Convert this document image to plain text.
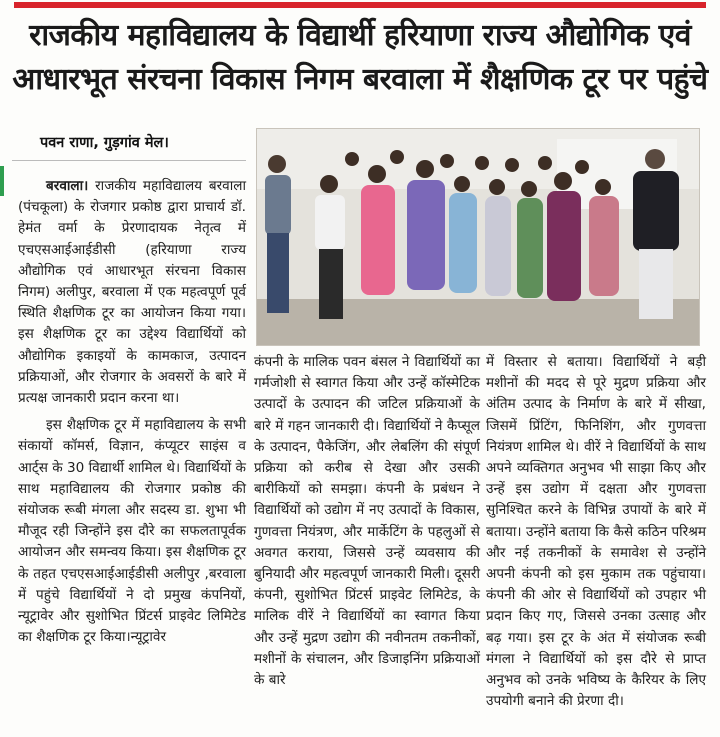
राजकीय महाविद्यालय के विद्यार्थी हरियाणा राज्य औद्योगिक एवं
आधारभूत संरचना विकास निगम बरवाला में शैक्षणिक टूर पर पहुंचे
पवन राणा, गुड़गांव मेल।

बरवाला। राजकीय महाविद्यालय बरवाला (पंचकूला) के रोजगार प्रकोष्ठ द्वारा प्राचार्य डॉ. हेमंत वर्मा के प्रेरणादायक नेतृत्व में एचएसआईआईडीसी (हरियाणा राज्य औद्योगिक एवं आधारभूत संरचना विकास निगम) अलीपुर, बरवाला में एक महत्वपूर्ण पूर्व स्थिति शैक्षणिक टूर का आयोजन किया गया। इस शैक्षणिक टूर का उद्देश्य विद्यार्थियों को औद्योगिक इकाइयों के कामकाज, उत्पादन प्रक्रियाओं, और रोजगार के अवसरों के बारे में प्रत्यक्ष जानकारी प्रदान करना था।

इस शैक्षणिक टूर में महाविद्यालय के सभी संकायों कॉमर्स, विज्ञान, कंप्यूटर साइंस व आर्ट्स के 30 विद्यार्थी शामिल थे। विद्यार्थियों के साथ महाविद्यालय की रोजगार प्रकोष्ठ की संयोजक रूबी मंगला और सदस्य डा. शुभा भी मौजूद रही जिन्होंने इस दौरे का सफलतापूर्वक आयोजन और समन्वय किया। इस शैक्षणिक टूर के तहत एचएसआईआईडीसी अलीपुर ,बरवाला में पहुंचे विद्यार्थियों ने दो प्रमुख कंपनियों, न्यूट्रावेर और सुशोभित प्रिंटर्स प्राइवेट लिमिटेड का शैक्षणिक टूर किया।न्यूट्रावेर

कंपनी के मालिक पवन बंसल ने विद्यार्थियों का गर्मजोशी से स्वागत किया और उन्हें कॉस्मेटिक उत्पादों के उत्पादन की जटिल प्रक्रियाओं के बारे में गहन जानकारी दी। विद्यार्थियों ने कैप्सूल के उत्पादन, पैकेजिंग, और लेबलिंग की संपूर्ण प्रक्रिया को करीब से देखा और उसकी बारीकियों को समझा। कंपनी के प्रबंधन ने विद्यार्थियों को उद्योग में नए उत्पादों के विकास, गुणवत्ता नियंत्रण, और मार्केटिंग के पहलुओं से अवगत कराया, जिससे उन्हें व्यवसाय की बुनियादी और महत्वपूर्ण जानकारी मिली। दूसरी कंपनी, सुशोभित प्रिंटर्स प्राइवेट लिमिटेड, के मालिक वीरें ने विद्यार्थियों का स्वागत किया और उन्हें मुद्रण उद्योग की नवीनतम तकनीकों, मशीनों के संचालन, और डिजाइनिंग प्रक्रियाओं के बारे

में विस्तार से बताया। विद्यार्थियों ने बड़ी मशीनों की मदद से पूरे मुद्रण प्रक्रिया और अंतिम उत्पाद के निर्माण के बारे में सीखा, जिसमें प्रिंटिंग, फिनिशिंग, और गुणवत्ता नियंत्रण शामिल थे। वीरें ने विद्यार्थियों के साथ अपने व्यक्तिगत अनुभव भी साझा किए और उन्हें इस उद्योग में दक्षता और गुणवत्ता सुनिश्चित करने के विभिन्न उपायों के बारे में बताया। उन्होंने बताया कि कैसे कठिन परिश्रम और नई तकनीकों के समावेश से उन्होंने अपनी कंपनी को इस मुकाम तक पहुंचाया। कंपनी की ओर से विद्यार्थियों को उपहार भी प्रदान किए गए, जिससे उनका उत्साह और बढ़ गया। इस टूर के अंत में संयोजक रूबी मंगला ने विद्यार्थियों को इस दौरे से प्राप्त अनुभव को उनके भविष्य के कैरियर के लिए उपयोगी बनाने की प्रेरणा दी।
